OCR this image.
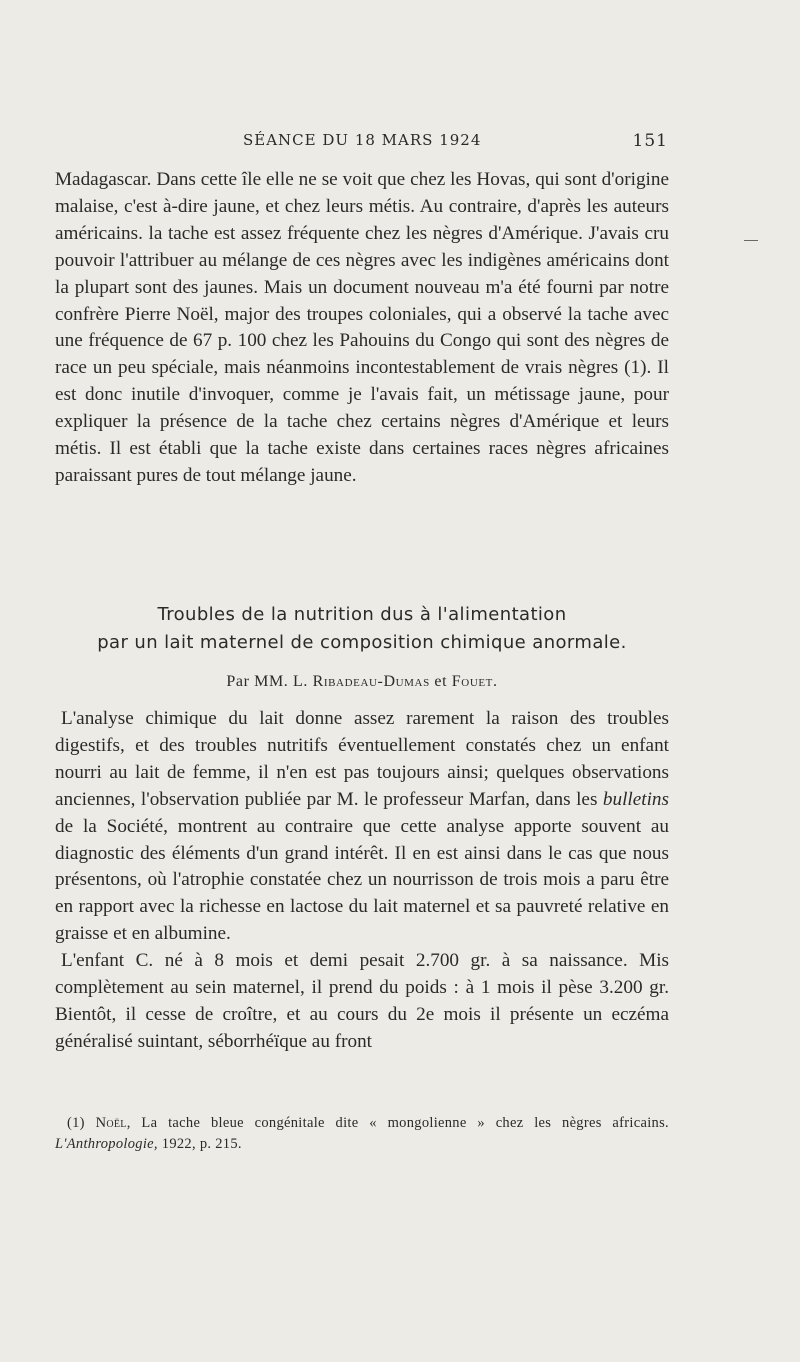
SÉANCE DU 18 MARS 1924	151

Madagascar. Dans cette île elle ne se voit que chez les Hovas, qui sont d'origine malaise, c'est à-dire jaune, et chez leurs métis. Au contraire, d'après les auteurs américains. la tache est assez fréquente chez les nègres d'Amérique. J'avais cru pouvoir l'attribuer au mélange de ces nègres avec les indigènes américains dont la plupart sont des jaunes. Mais un document nouveau m'a été fourni par notre confrère Pierre Noël, major des troupes coloniales, qui a observé la tache avec une fréquence de 67 p. 100 chez les Pahouins du Congo qui sont des nègres de race un peu spéciale, mais néanmoins incontestablement de vrais nègres (1). Il est donc inutile d'invoquer, comme je l'avais fait, un métissage jaune, pour expliquer la présence de la tache chez certains nègres d'Amérique et leurs métis. Il est établi que la tache existe dans certaines races nègres africaines paraissant pures de tout mélange jaune.

Troubles de la nutrition dus à l'alimentation
par un lait maternel de composition chimique anormale.
Par MM. L. Ribadeau-Dumas et Fouet.

L'analyse chimique du lait donne assez rarement la raison des troubles digestifs, et des troubles nutritifs éventuellement constatés chez un enfant nourri au lait de femme, il n'en est pas toujours ainsi; quelques observations anciennes, l'observation publiée par M. le professeur Marfan, dans les bulletins de la Société, montrent au contraire que cette analyse apporte souvent au diagnostic des éléments d'un grand intérêt. Il en est ainsi dans le cas que nous présentons, où l'atrophie constatée chez un nourrisson de trois mois a paru être en rapport avec la richesse en lactose du lait maternel et sa pauvreté relative en graisse et en albumine.

L'enfant C. né à 8 mois et demi pesait 2.700 gr. à sa naissance. Mis complètement au sein maternel, il prend du poids : à 1 mois il pèse 3.200 gr. Bientôt, il cesse de croître, et au cours du 2e mois il présente un eczéma généralisé suintant, séborrhéïque au front

(1) Noël, La tache bleue congénitale dite « mongolienne » chez les nègres africains. L'Anthropologie, 1922, p. 215.
